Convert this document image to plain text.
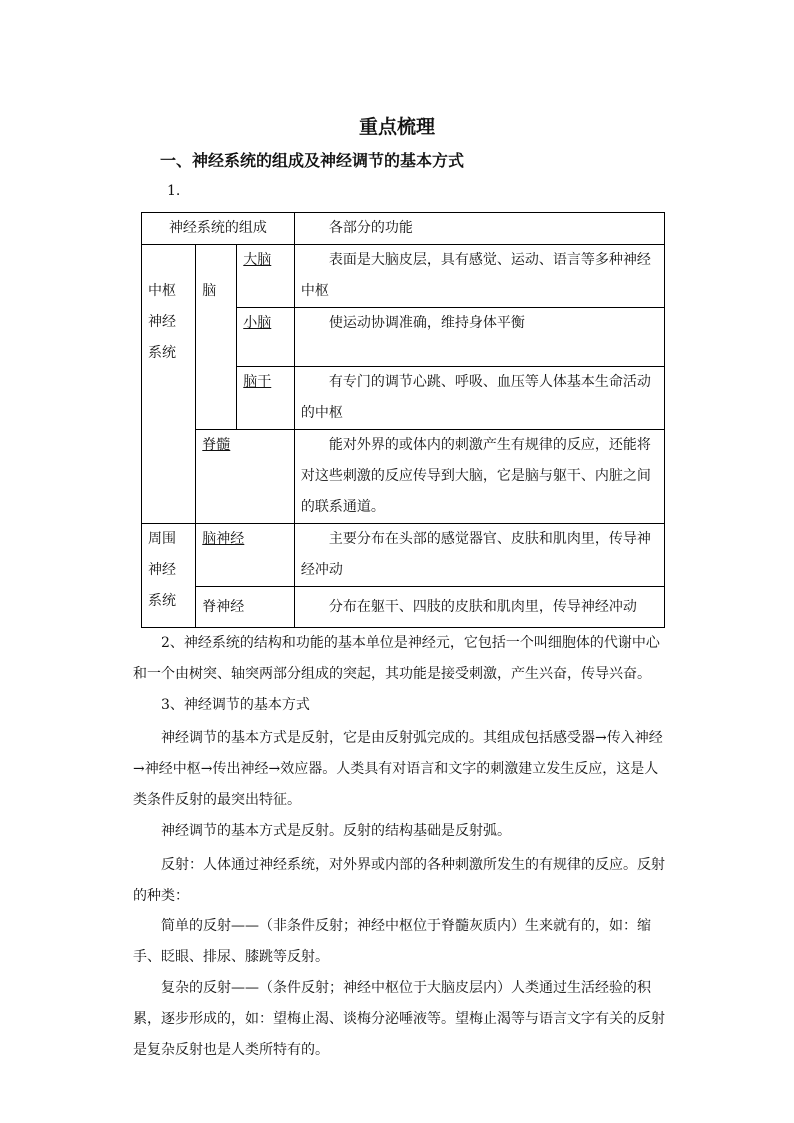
重点梳理
一、神经系统的组成及神经调节的基本方式
1.
神经系统的组成			各部分的功能
中枢神经系统	脑	大脑	表面是大脑皮层，具有感觉、运动、语言等多种神经中枢
		小脑	使运动协调准确，维持身体平衡
		脑干	有专门的调节心跳、呼吸、血压等人体基本生命活动的中枢
	脊髓		能对外界的或体内的刺激产生有规律的反应，还能将对这些刺激的反应传导到大脑，它是脑与躯干、内脏之间的联系通道。
周围神经系统	脑神经		主要分布在头部的感觉器官、皮肤和肌肉里，传导神经冲动
	脊神经		分布在躯干、四肢的皮肤和肌肉里，传导神经冲动

2、神经系统的结构和功能的基本单位是神经元，它包括一个叫细胞体的代谢中心和一个由树突、轴突两部分组成的突起，其功能是接受刺激，产生兴奋，传导兴奋。

3、神经调节的基本方式

神经调节的基本方式是反射，它是由反射弧完成的。其组成包括感受器→传入神经→神经中枢→传出神经→效应器。人类具有对语言和文字的刺激建立发生反应，这是人类条件反射的最突出特征。

神经调节的基本方式是反射。反射的结构基础是反射弧。

反射：人体通过神经系统，对外界或内部的各种刺激所发生的有规律的反应。反射的种类：

简单的反射——（非条件反射；神经中枢位于脊髓灰质内）生来就有的，如：缩手、眨眼、排尿、膝跳等反射。

复杂的反射——（条件反射；神经中枢位于大脑皮层内）人类通过生活经验的积累，逐步形成的，如：望梅止渴、谈梅分泌唾液等。望梅止渴等与语言文字有关的反射是复杂反射也是人类所特有的。
